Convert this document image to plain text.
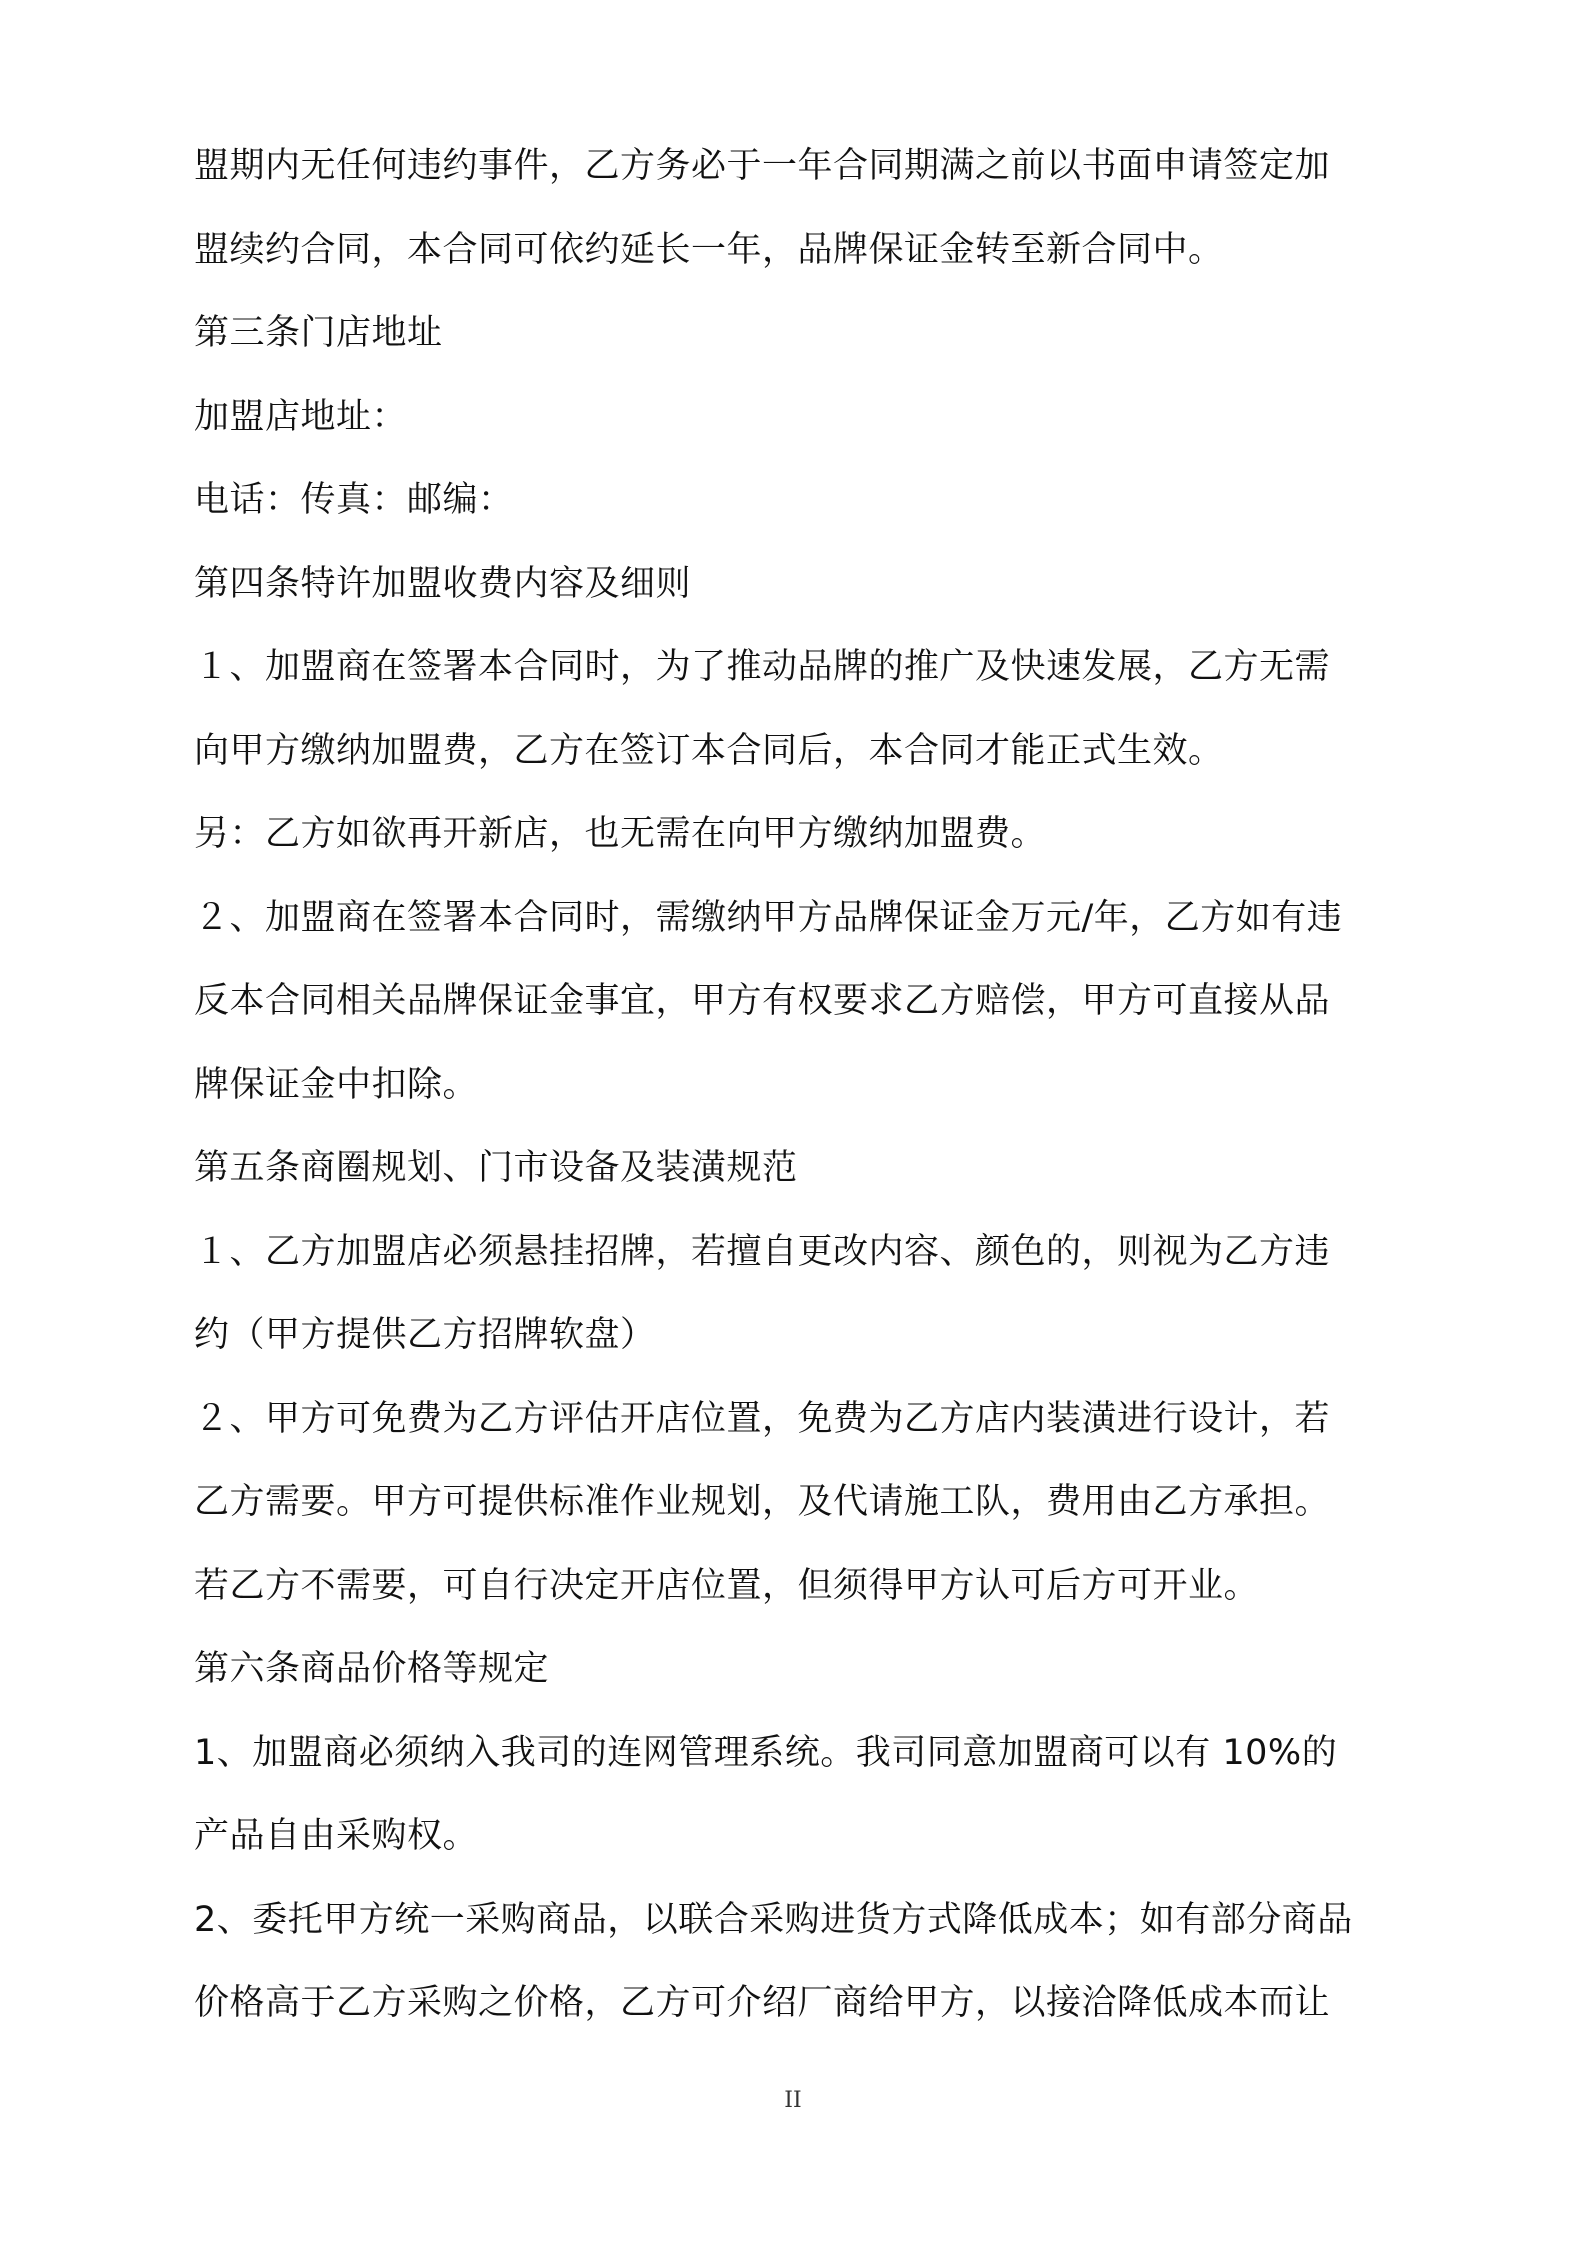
盟期内无任何违约事件，乙方务必于一年合同期满之前以书面申请签定加
盟续约合同，本合同可依约延长一年，品牌保证金转至新合同中。
第三条门店地址
加盟店地址：
电话：传真：邮编：
第四条特许加盟收费内容及细则
１、加盟商在签署本合同时，为了推动品牌的推广及快速发展，乙方无需
向甲方缴纳加盟费，乙方在签订本合同后，本合同才能正式生效。
另：乙方如欲再开新店，也无需在向甲方缴纳加盟费。
２、加盟商在签署本合同时，需缴纳甲方品牌保证金万元/年，乙方如有违
反本合同相关品牌保证金事宜，甲方有权要求乙方赔偿，甲方可直接从品
牌保证金中扣除。
第五条商圈规划、门市设备及装潢规范
１、乙方加盟店必须悬挂招牌，若擅自更改内容、颜色的，则视为乙方违
约（甲方提供乙方招牌软盘）
２、甲方可免费为乙方评估开店位置，免费为乙方店内装潢进行设计，若
乙方需要。甲方可提供标准作业规划，及代请施工队，费用由乙方承担。
若乙方不需要，可自行决定开店位置，但须得甲方认可后方可开业。
第六条商品价格等规定
1、加盟商必须纳入我司的连网管理系统。我司同意加盟商可以有 10%的
产品自由采购权。
2、委托甲方统一采购商品，以联合采购进货方式降低成本；如有部分商品
价格高于乙方采购之价格，乙方可介绍厂商给甲方，以接洽降低成本而让
II
